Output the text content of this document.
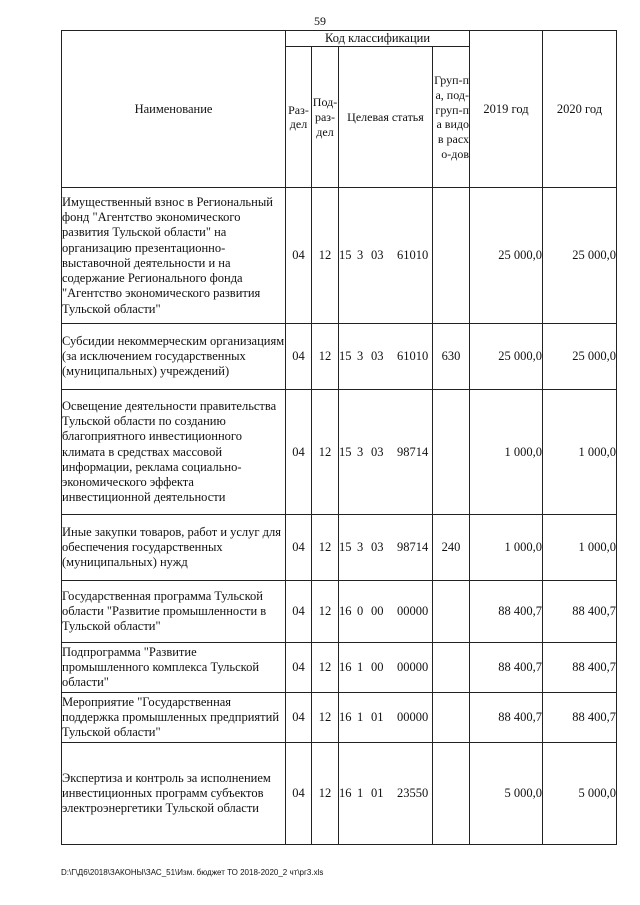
59
Наименование	Код классификации				2019 год	2020 год
	Раз-дел	Под-раз-дел	Целевая статья	Груп-па, под-груп-па видов расхо-дов		
Имущественный взнос в Региональный фонд "Агентство экономического развития Тульской области" на организацию презентационно-выставочной деятельности и на содержание Регионального фонда "Агентство экономического развития Тульской области"	04	12	15 3 03 61010		25 000,0	25 000,0
Субсидии некоммерческим организациям (за исключением государственных (муниципальных) учреждений)	04	12	15 3 03 61010	630	25 000,0	25 000,0
Освещение деятельности правительства Тульской области по созданию благоприятного инвестиционного климата в средствах массовой информации, реклама социально-экономического эффекта инвестиционной деятельности	04	12	15 3 03 98714		1 000,0	1 000,0
Иные закупки товаров, работ и услуг для обеспечения государственных (муниципальных) нужд	04	12	15 3 03 98714	240	1 000,0	1 000,0
Государственная программа Тульской области "Развитие промышленности в Тульской области"	04	12	16 0 00 00000		88 400,7	88 400,7
Подпрограмма "Развитие промышленного комплекса Тульской области"	04	12	16 1 00 00000		88 400,7	88 400,7
Мероприятие "Государственная поддержка промышленных предприятий Тульской области"	04	12	16 1 01 00000		88 400,7	88 400,7
Экспертиза и контроль за исполнением инвестиционных программ субъектов электроэнергетики Тульской области	04	12	16 1 01 23550		5 000,0	5 000,0
D:\Г\Д6\2018\ЗАКОНЫ\ЗАС_51\Изм. бюджет ТО 2018-2020_2 чт\рг3.xls
